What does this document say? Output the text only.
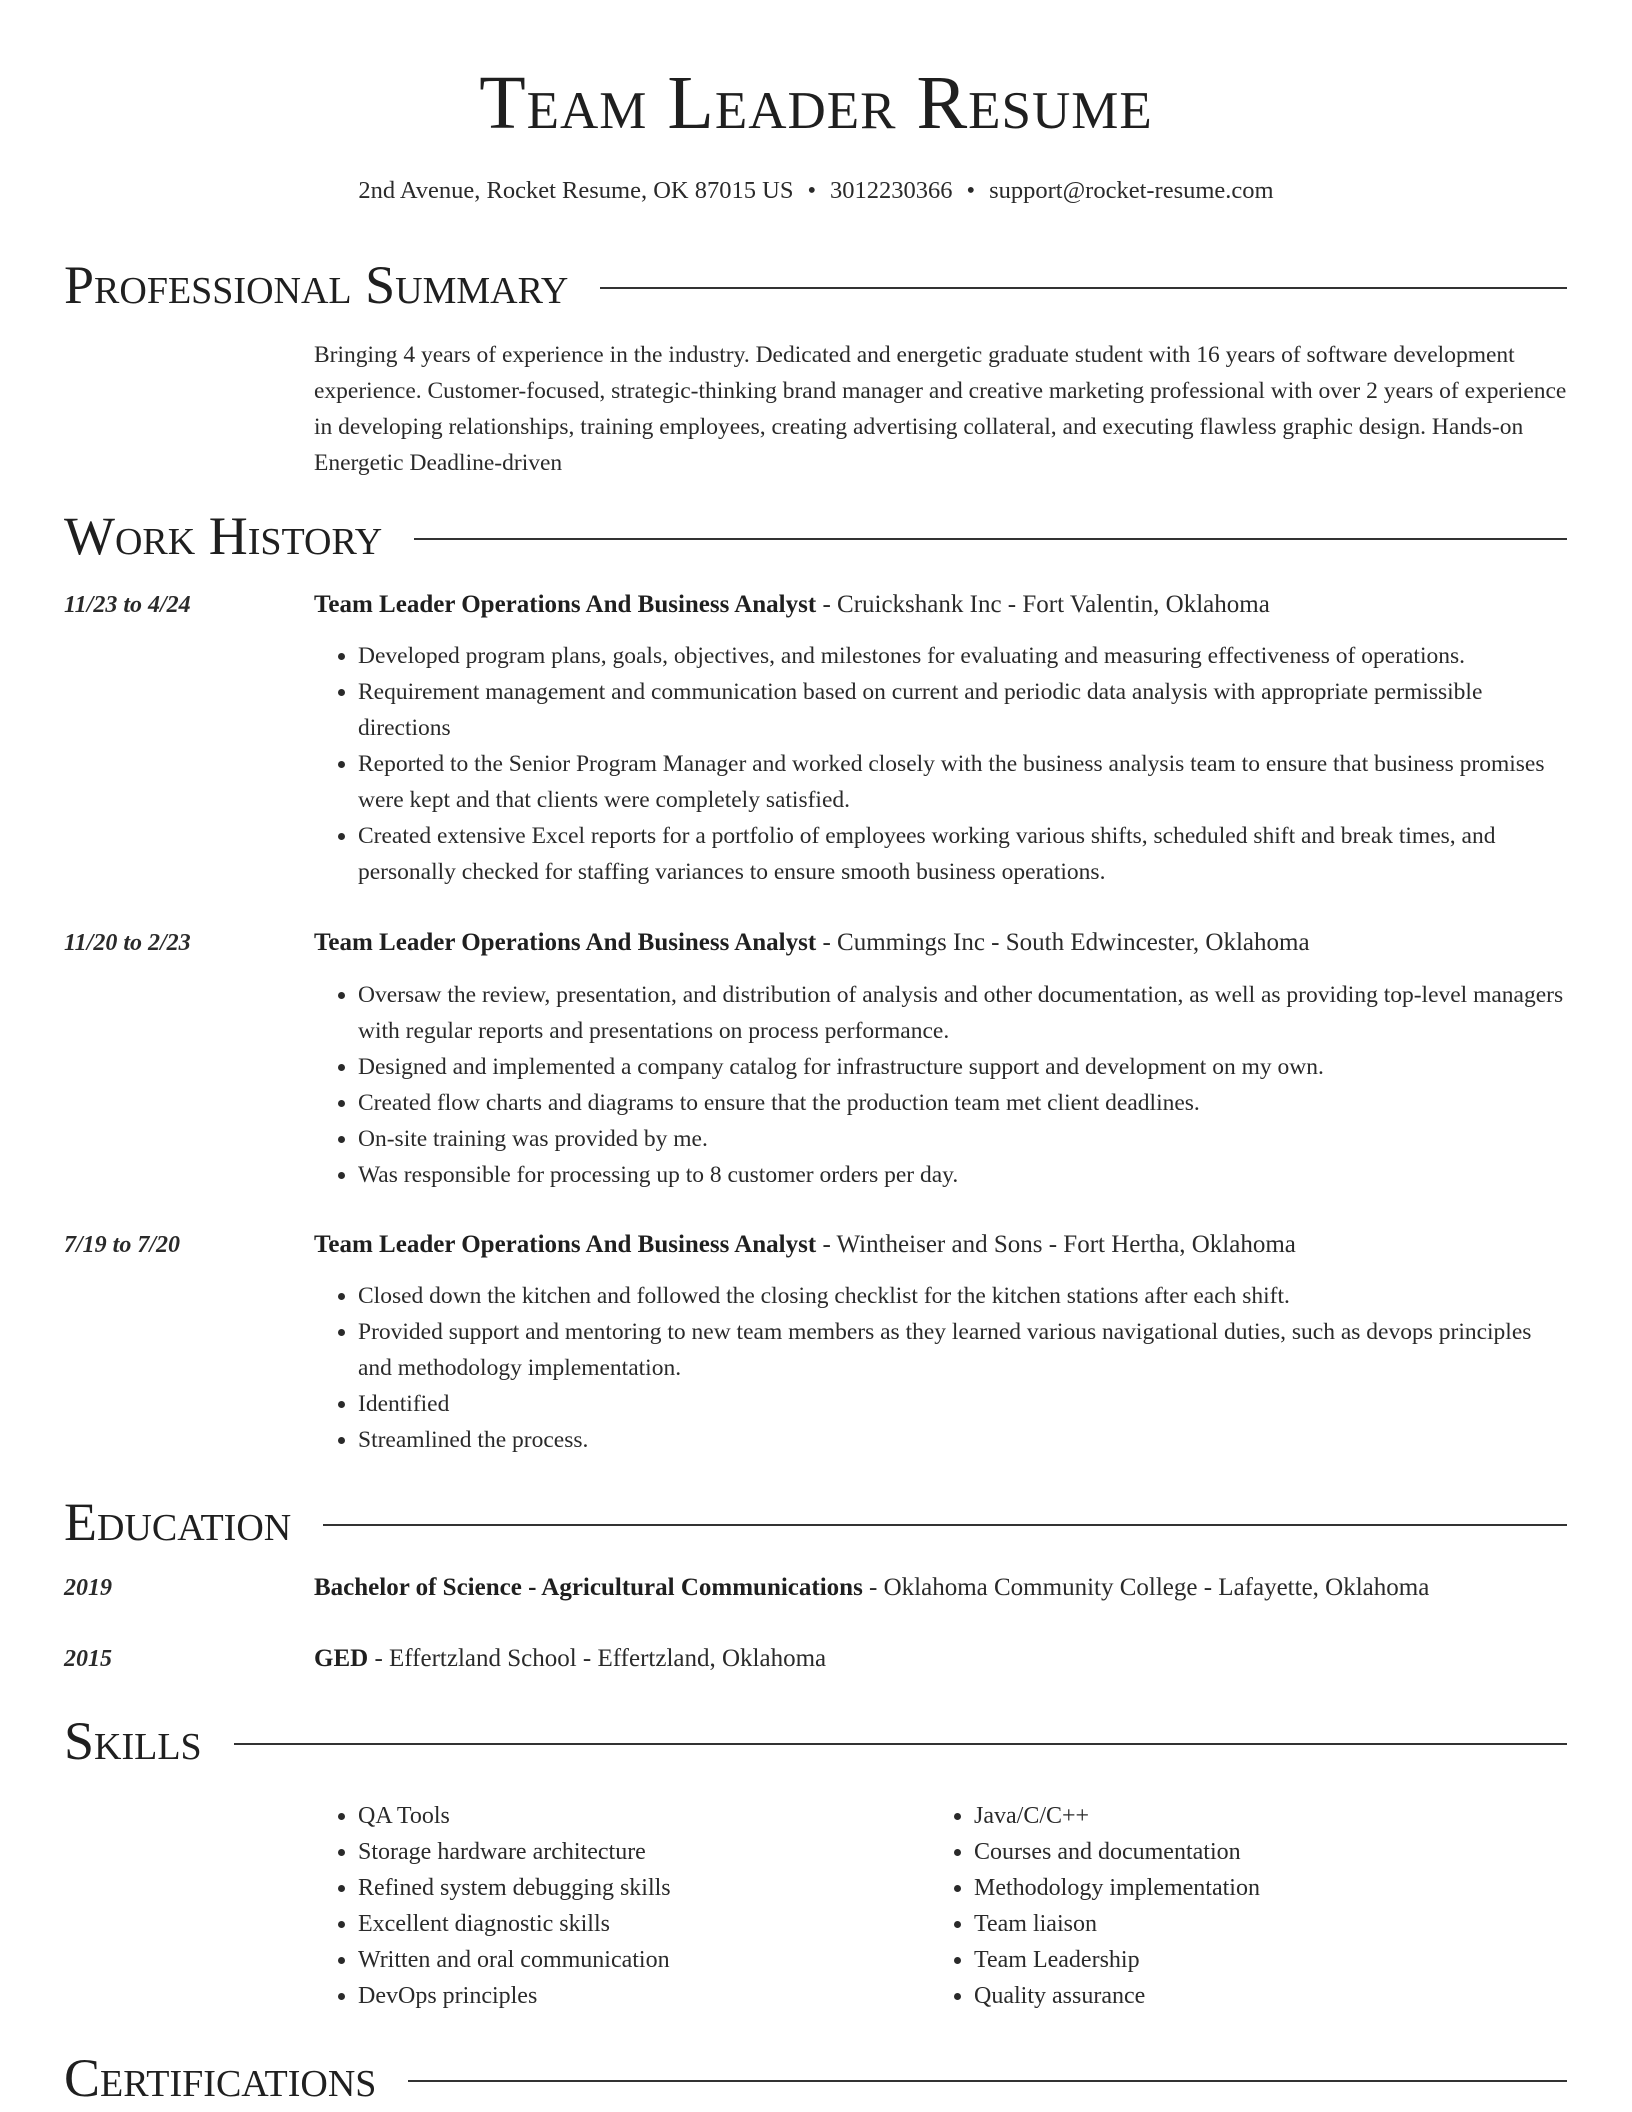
Team Leader Resume
2nd Avenue, Rocket Resume, OK 87015 US • 3012230366 • support@rocket-resume.com
Professional Summary
Bringing 4 years of experience in the industry. Dedicated and energetic graduate student with 16 years of software development experience. Customer-focused, strategic-thinking brand manager and creative marketing professional with over 2 years of experience in developing relationships, training employees, creating advertising collateral, and executing flawless graphic design. Hands-on Energetic Deadline-driven
Work History
11/23 to 4/24	Team Leader Operations And Business Analyst - Cruickshank Inc - Fort Valentin, Oklahoma
• Developed program plans, goals, objectives, and milestones for evaluating and measuring effectiveness of operations.
• Requirement management and communication based on current and periodic data analysis with appropriate permissible directions
• Reported to the Senior Program Manager and worked closely with the business analysis team to ensure that business promises were kept and that clients were completely satisfied.
• Created extensive Excel reports for a portfolio of employees working various shifts, scheduled shift and break times, and personally checked for staffing variances to ensure smooth business operations.
11/20 to 2/23	Team Leader Operations And Business Analyst - Cummings Inc - South Edwincester, Oklahoma
• Oversaw the review, presentation, and distribution of analysis and other documentation, as well as providing top-level managers with regular reports and presentations on process performance.
• Designed and implemented a company catalog for infrastructure support and development on my own.
• Created flow charts and diagrams to ensure that the production team met client deadlines.
• On-site training was provided by me.
• Was responsible for processing up to 8 customer orders per day.
7/19 to 7/20	Team Leader Operations And Business Analyst - Wintheiser and Sons - Fort Hertha, Oklahoma
• Closed down the kitchen and followed the closing checklist for the kitchen stations after each shift.
• Provided support and mentoring to new team members as they learned various navigational duties, such as devops principles and methodology implementation.
• Identified
• Streamlined the process.
Education
2019	Bachelor of Science - Agricultural Communications - Oklahoma Community College - Lafayette, Oklahoma
2015	GED - Effertzland School - Effertzland, Oklahoma
Skills
• QA Tools
• Storage hardware architecture
• Refined system debugging skills
• Excellent diagnostic skills
• Written and oral communication
• DevOps principles
• Java/C/C++
• Courses and documentation
• Methodology implementation
• Team liaison
• Team Leadership
• Quality assurance
Certifications
